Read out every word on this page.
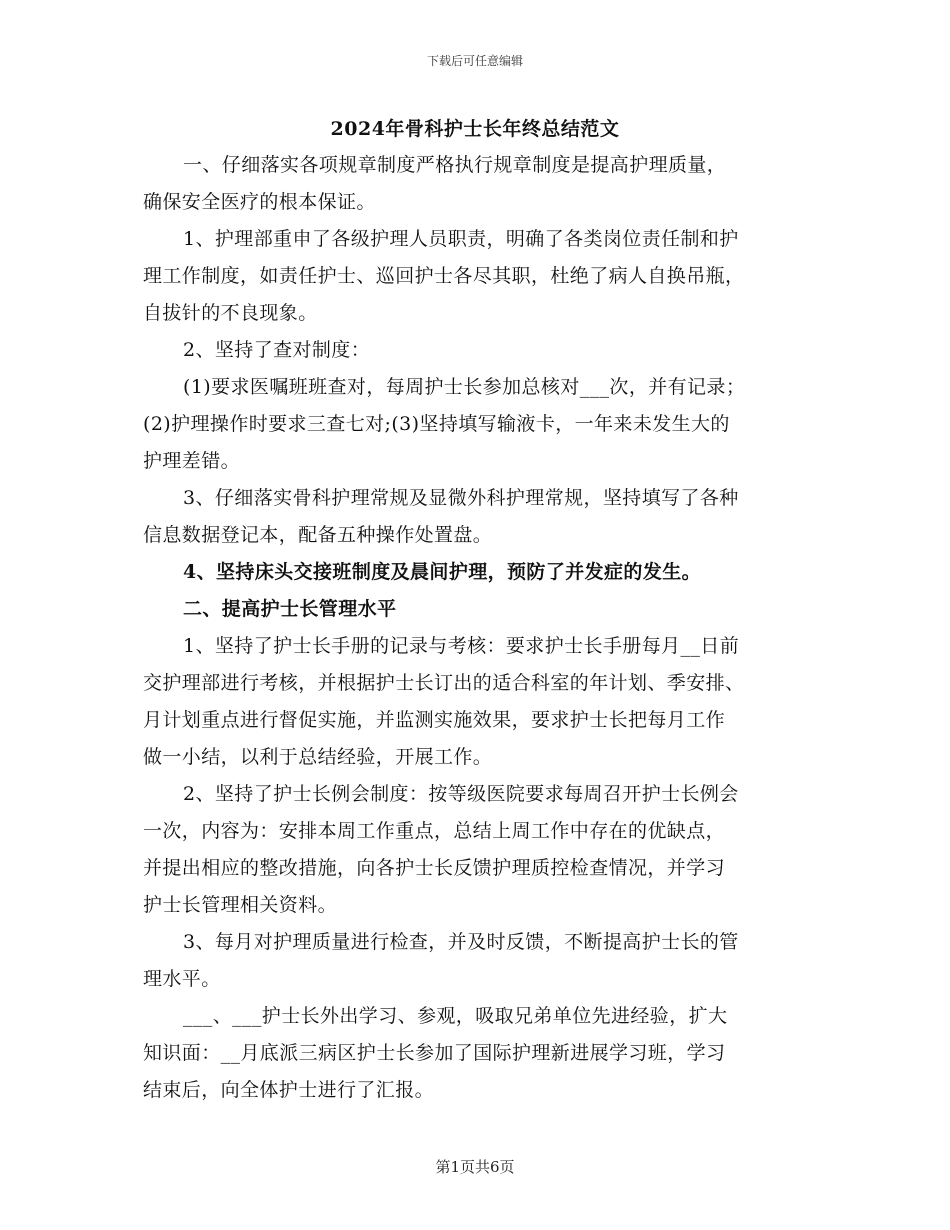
下载后可任意编辑
2024年骨科护士长年终总结范文

一、仔细落实各项规章制度严格执行规章制度是提高护理质量，
确保安全医疗的根本保证。

1、护理部重申了各级护理人员职责，明确了各类岗位责任制和护
理工作制度，如责任护士、巡回护士各尽其职，杜绝了病人自换吊瓶，
自拔针的不良现象。

2、坚持了查对制度：

(1)要求医嘱班班查对，每周护士长参加总核对___次，并有记录；
(2)护理操作时要求三查七对;(3)坚持填写输液卡，一年来未发生大的
护理差错。

3、仔细落实骨科护理常规及显微外科护理常规，坚持填写了各种
信息数据登记本，配备五种操作处置盘。

4、坚持床头交接班制度及晨间护理，预防了并发症的发生。

二、提高护士长管理水平

1、坚持了护士长手册的记录与考核：要求护士长手册每月__日前
交护理部进行考核，并根据护士长订出的适合科室的年计划、季安排、
月计划重点进行督促实施，并监测实施效果，要求护士长把每月工作
做一小结，以利于总结经验，开展工作。

2、坚持了护士长例会制度：按等级医院要求每周召开护士长例会
一次，内容为：安排本周工作重点，总结上周工作中存在的优缺点，
并提出相应的整改措施，向各护士长反馈护理质控检查情况，并学习
护士长管理相关资料。

3、每月对护理质量进行检查，并及时反馈，不断提高护士长的管
理水平。

___、___护士长外出学习、参观，吸取兄弟单位先进经验，扩大
知识面：__月底派三病区护士长参加了国际护理新进展学习班，学习
结束后，向全体护士进行了汇报。

第1页共6页
